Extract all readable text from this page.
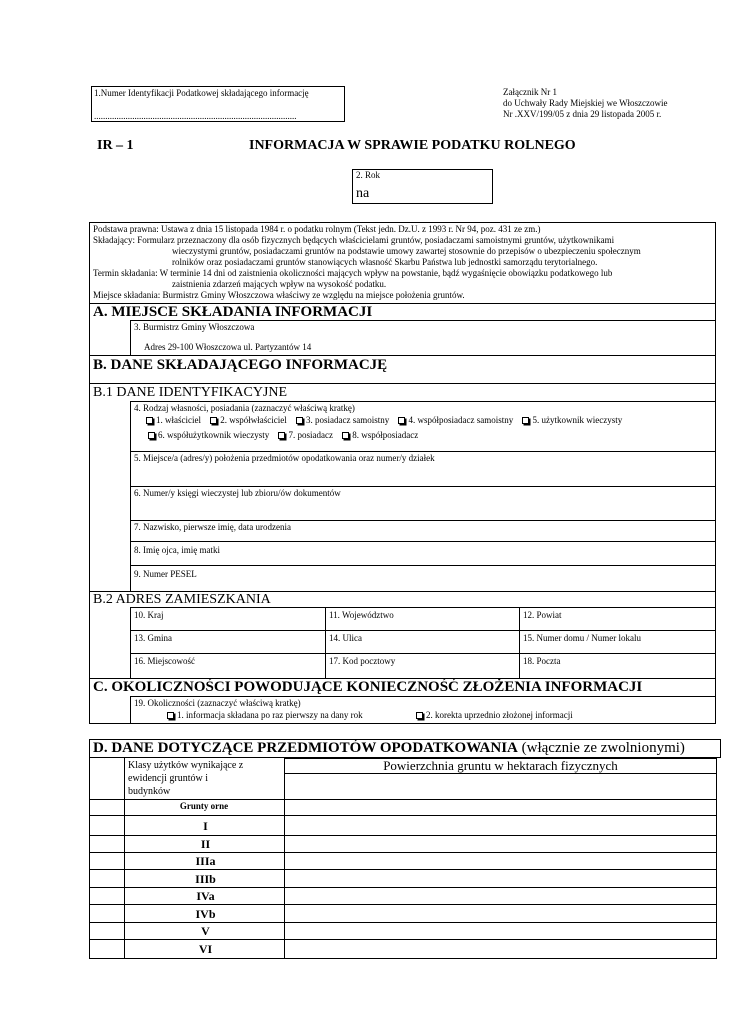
1.Numer Identyfikacji Podatkowej składającego informację
..........................................................................................
Załącznik Nr 1
do Uchwały Rady Miejskiej we Włoszczowie
Nr .XXV/199/05 z dnia 29 listopada 2005 r.
IR – 1	INFORMACJA W SPRAWIE PODATKU ROLNEGO
na
2. Rok
Podstawa prawna: Ustawa z dnia 15 listopada 1984 r. o podatku rolnym (Tekst jedn. Dz.U. z 1993 r. Nr 94, poz. 431 ze zm.)
Składający: Formularz przeznaczony dla osób fizycznych będących właścicielami gruntów, posiadaczami samoistnymi gruntów, użytkownikami
wieczystymi gruntów, posiadaczami gruntów na podstawie umowy zawartej stosownie do przepisów o ubezpieczeniu społecznym
rolników oraz posiadaczami gruntów stanowiących własność Skarbu Państwa lub jednostki samorządu terytorialnego.
Termin składania: W terminie 14 dni od zaistnienia okoliczności mających wpływ na powstanie, bądź wygaśnięcie obowiązku podatkowego lub
zaistnienia zdarzeń mających wpływ na wysokość podatku.
Miejsce składania: Burmistrz Gminy Włoszczowa właściwy ze względu na miejsce położenia gruntów.
A. MIEJSCE SKŁADANIA INFORMACJI
3. Burmistrz Gminy Włoszczowa
Adres 29-100 Włoszczowa ul. Partyzantów 14
B. DANE SKŁADAJĄCEGO INFORMACJĘ
B.1 DANE IDENTYFIKACYJNE
4. Rodzaj własności, posiadania (zaznaczyć właściwą kratkę)
1. właściciel 2. współwłaściciel 3. posiadacz samoistny 4. współposiadacz samoistny 5. użytkownik wieczysty
6. współużytkownik wieczysty 7. posiadacz 8. współposiadacz
5. Miejsce/a (adres/y) położenia przedmiotów opodatkowania oraz numer/y działek
6. Numer/y księgi wieczystej lub zbioru/ów dokumentów
7. Nazwisko, pierwsze imię, data urodzenia
8. Imię ojca, imię matki
9. Numer PESEL
B.2 ADRES ZAMIESZKANIA
10. Kraj	11. Województwo	12. Powiat
13. Gmina	14. Ulica	15. Numer domu / Numer lokalu
16. Miejscowość	17. Kod pocztowy	18. Poczta
C. OKOLICZNOŚCI POWODUJĄCE KONIECZNOŚĆ ZŁOŻENIA INFORMACJI
19. Okoliczności (zaznaczyć właściwą kratkę)
1. informacja składana po raz pierwszy na dany rok	2. korekta uprzednio złożonej informacji
D. DANE DOTYCZĄCE PRZEDMIOTÓW OPODATKOWANIA (włącznie ze zwolnionymi)
Powierzchnia gruntu w hektarach fizycznych
Klasy użytków wynikające z
ewidencji gruntów i
budynków
Grunty orne
I
II
IIIa
IIIb
IVa
IVb
V
VI
